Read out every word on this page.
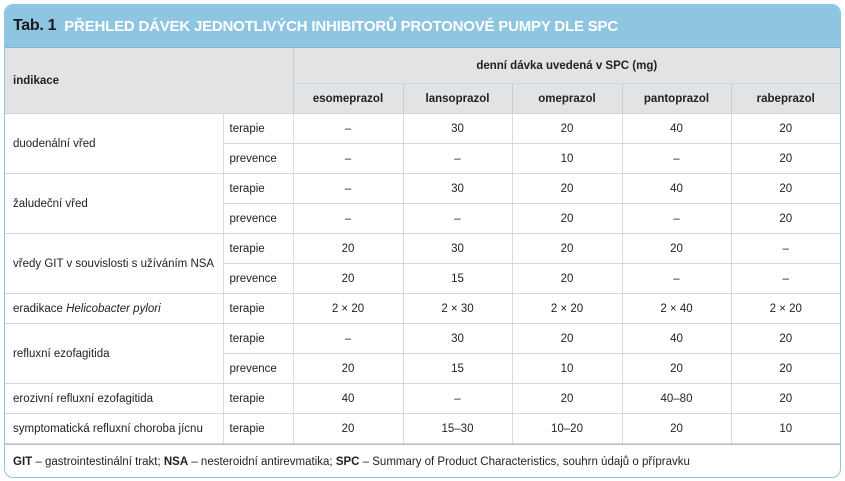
Tab. 1 PŘEHLED DÁVEK JEDNOTLIVÝCH INHIBITORŮ PROTONOVÉ PUMPY DLE SPC
indikace		denní dávka uvedená v SPC (mg)				
		esomeprazol	lansoprazol	omeprazol	pantoprazol	rabeprazol
duodenální vřed	terapie	–	30	20	40	20
	prevence	–	–	10	–	20
žaludeční vřed	terapie	–	30	20	40	20
	prevence	–	–	20	–	20
vředy GIT v souvislosti s užíváním NSA	terapie	20	30	20	20	–
	prevence	20	15	20	–	–
eradikace Helicobacter pylori	terapie	2 × 20	2 × 30	2 × 20	2 × 40	2 × 20
refluxní ezofagitida	terapie	–	30	20	40	20
	prevence	20	15	10	20	20
erozivní refluxní ezofagitida	terapie	40	–	20	40–80	20
symptomatická refluxní choroba jícnu	terapie	20	15–30	10–20	20	10
GIT – gastrointestinální trakt; NSA – nesteroidní antirevmatika; SPC – Summary of Product Characteristics, souhrn údajů o přípravku
